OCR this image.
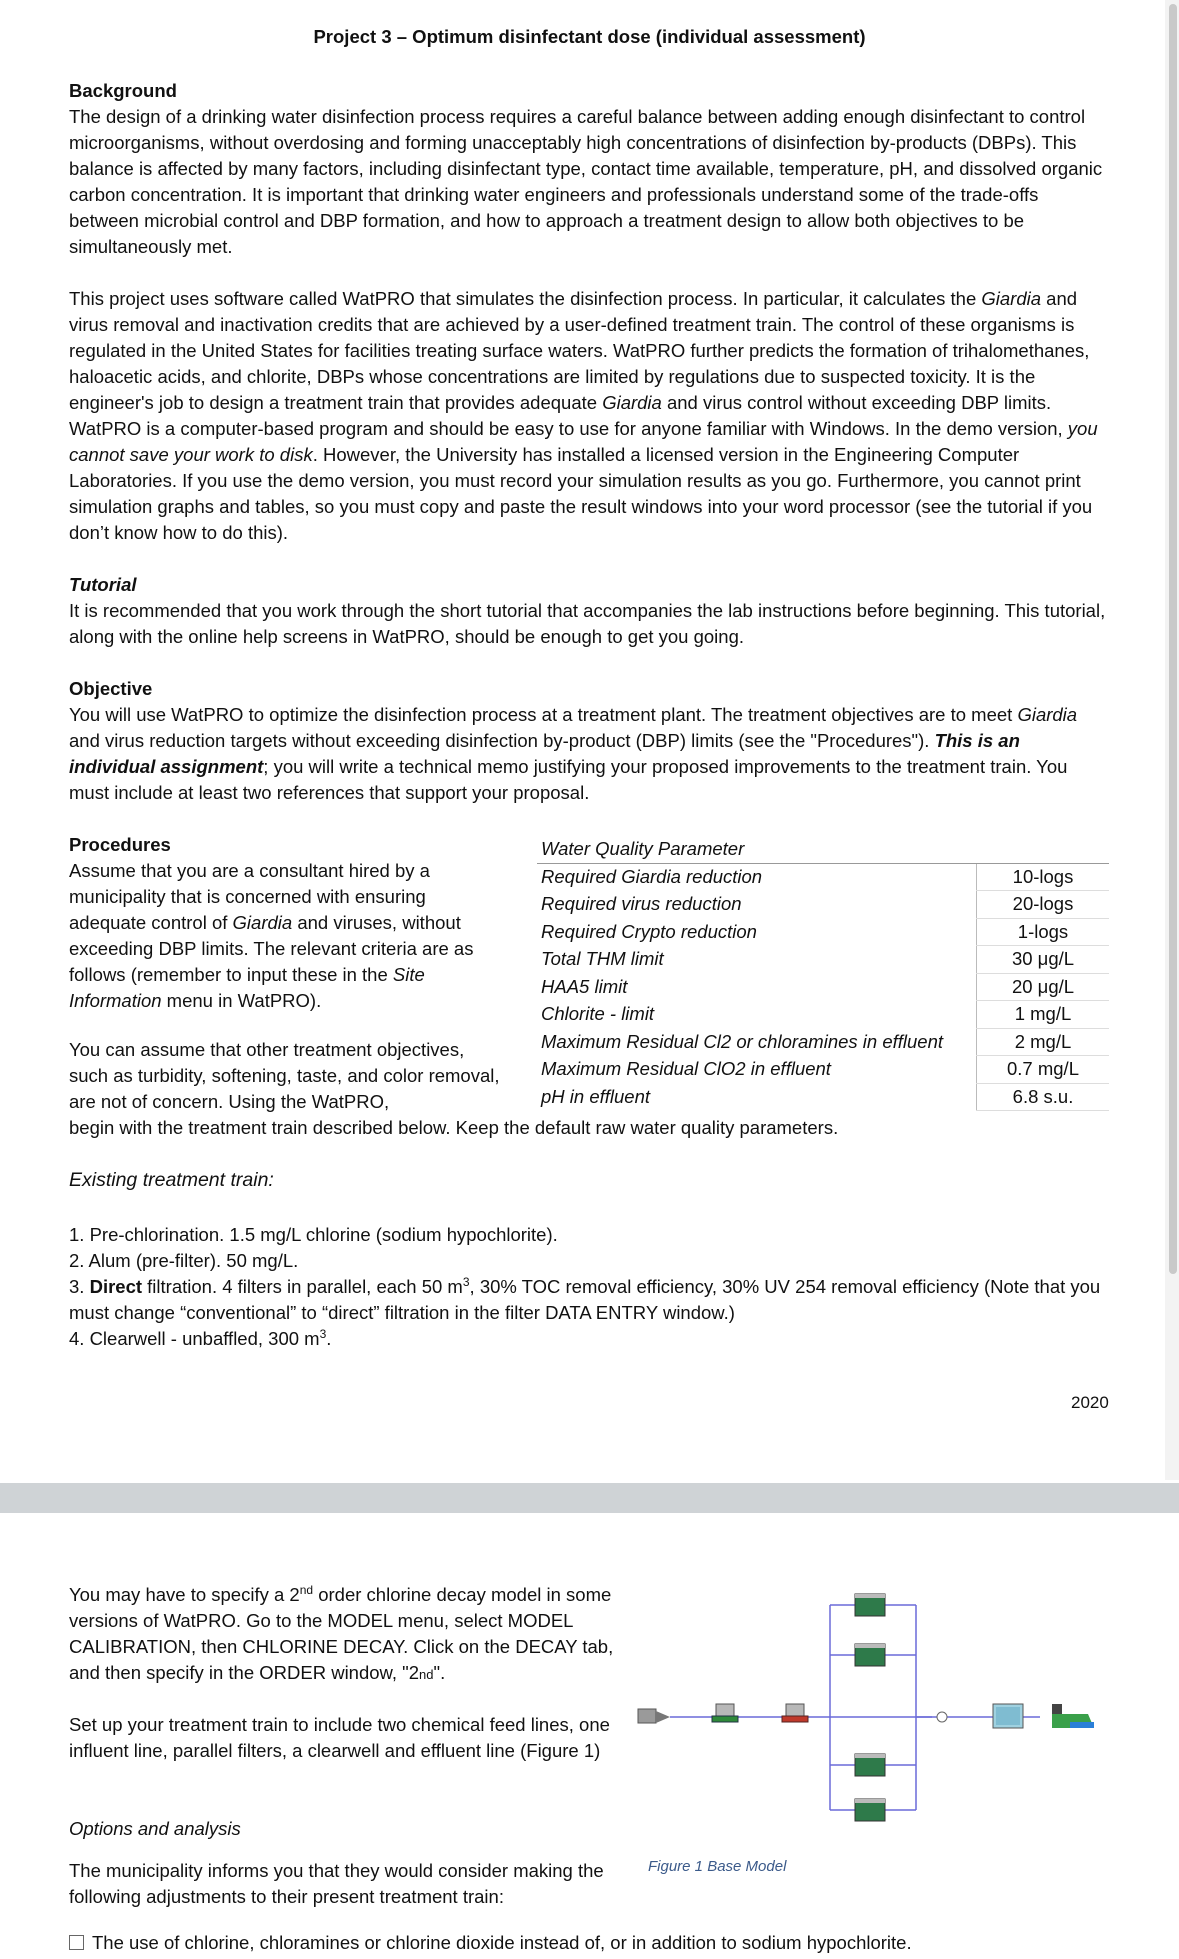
Project 3 – Optimum disinfectant dose (individual assessment)

Background

The design of a drinking water disinfection process requires a careful balance between adding enough disinfectant to control microorganisms, without overdosing and forming unacceptably high concentrations of disinfection by-products (DBPs). This balance is affected by many factors, including disinfectant type, contact time available, temperature, pH, and dissolved organic carbon concentration. It is important that drinking water engineers and professionals understand some of the trade-offs between microbial control and DBP formation, and how to approach a treatment design to allow both objectives to be simultaneously met.

This project uses software called WatPRO that simulates the disinfection process. In particular, it calculates the Giardia and virus removal and inactivation credits that are achieved by a user-defined treatment train. The control of these organisms is regulated in the United States for facilities treating surface waters. WatPRO further predicts the formation of trihalomethanes, haloacetic acids, and chlorite, DBPs whose concentrations are limited by regulations due to suspected toxicity. It is the engineer's job to design a treatment train that provides adequate Giardia and virus control without exceeding DBP limits. WatPRO is a computer-based program and should be easy to use for anyone familiar with Windows. In the demo version, you cannot save your work to disk. However, the University has installed a licensed version in the Engineering Computer Laboratories. If you use the demo version, you must record your simulation results as you go. Furthermore, you cannot print simulation graphs and tables, so you must copy and paste the result windows into your word processor (see the tutorial if you don’t know how to do this).

Tutorial

It is recommended that you work through the short tutorial that accompanies the lab instructions before beginning. This tutorial, along with the online help screens in WatPRO, should be enough to get you going.

Objective

You will use WatPRO to optimize the disinfection process at a treatment plant. The treatment objectives are to meet Giardia and virus reduction targets without exceeding disinfection by-product (DBP) limits (see the "Procedures"). This is an individual assignment; you will write a technical memo justifying your proposed improvements to the treatment train. You must include at least two references that support your proposal.

Procedures

Assume that you are a consultant hired by a municipality that is concerned with ensuring adequate control of Giardia and viruses, without exceeding DBP limits. The relevant criteria are as follows (remember to input these in the Site Information menu in WatPRO).

You can assume that other treatment objectives, such as turbidity, softening, taste, and color removal, are not of concern. Using the WatPRO,
begin with the treatment train described below. Keep the default raw water quality parameters.
Water Quality Parameter	
Required Giardia reduction	10-logs
Required virus reduction	20-logs
Required Crypto reduction	1-logs
Total THM limit	30 μg/L
HAA5 limit	20 μg/L
Chlorite - limit	1 mg/L
Maximum Residual Cl2 or chloramines in effluent	2 mg/L
Maximum Residual ClO2 in effluent	0.7 mg/L
pH in effluent	6.8 s.u.
Existing treatment train:

1. Pre-chlorination. 1.5 mg/L chlorine (sodium hypochlorite).

2. Alum (pre-filter). 50 mg/L.

3. Direct filtration. 4 filters in parallel, each 50 $m^3$, 30% TOC removal efficiency, 30% UV 254 removal efficiency (Note that you must change “conventional” to “direct” filtration in the filter DATA ENTRY window.)

4. Clearwell - unbaffled, 300 $m^3$.

2020

You may have to specify a 2nd order chlorine decay model in some versions of WatPRO. Go to the MODEL menu, select MODEL CALIBRATION, then CHLORINE DECAY. Click on the DECAY tab, and then specify in the ORDER window, "2nd".

Set up your treatment train to include two chemical feed lines, one influent line, parallel filters, a clearwell and effluent line (Figure 1)
Options and analysis
The municipality informs you that they would consider making the following adjustments to their present treatment train:
The use of chlorine, chloramines or chlorine dioxide instead of, or in addition to sodium hypochlorite.
Figure 1 Base Model
